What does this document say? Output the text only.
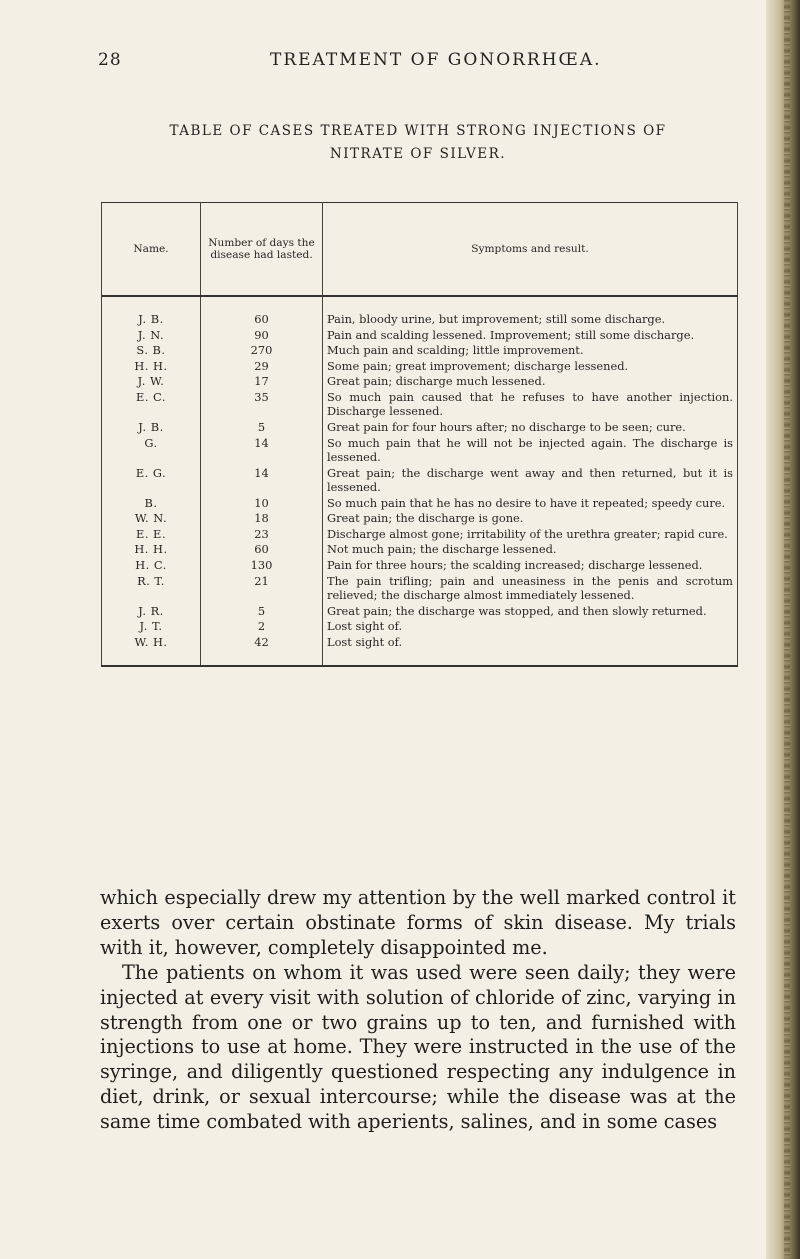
28	TREATMENT OF GONORRHŒA.
TABLE OF CASES TREATED WITH STRONG INJECTIONS OF
NITRATE OF SILVER.
Name.	Number of days the disease had lasted.	Symptoms and result.
J. B.	60	Pain, bloody urine, but improvement; still some discharge.
J. N.	90	Pain and scalding lessened. Improvement; still some discharge.
S. B.	270	Much pain and scalding; little improvement.
H. H.	29	Some pain; great improvement; discharge lessened.
J. W.	17	Great pain; discharge much lessened.
E. C.	35	So much pain caused that he refuses to have another injection. Discharge lessened.
J. B.	5	Great pain for four hours after; no discharge to be seen; cure.
G.	14	So much pain that he will not be injected again. The discharge is lessened.
E. G.	14	Great pain; the discharge went away and then returned, but it is lessened.
B.	10	So much pain that he has no desire to have it repeated; speedy cure.
W. N.	18	Great pain; the discharge is gone.
E. E.	23	Discharge almost gone; irritability of the urethra greater; rapid cure.
H. H.	60	Not much pain; the discharge lessened.
H. C.	130	Pain for three hours; the scalding increased; discharge lessened.
R. T.	21	The pain trifling; pain and uneasiness in the penis and scrotum relieved; the discharge almost immediately lessened.
J. R.	5	Great pain; the discharge was stopped, and then slowly returned.
J. T.	2	Lost sight of.
W. H.	42	Lost sight of.

which especially drew my attention by the well marked control it exerts over certain obstinate forms of skin disease. My trials with it, however, completely disappointed me.

The patients on whom it was used were seen daily; they were injected at every visit with solution of chloride of zinc, varying in strength from one or two grains up to ten, and furnished with injections to use at home. They were instructed in the use of the syringe, and diligently questioned respecting any indulgence in diet, drink, or sexual intercourse; while the disease was at the same time combated with aperients, salines, and in some cases
